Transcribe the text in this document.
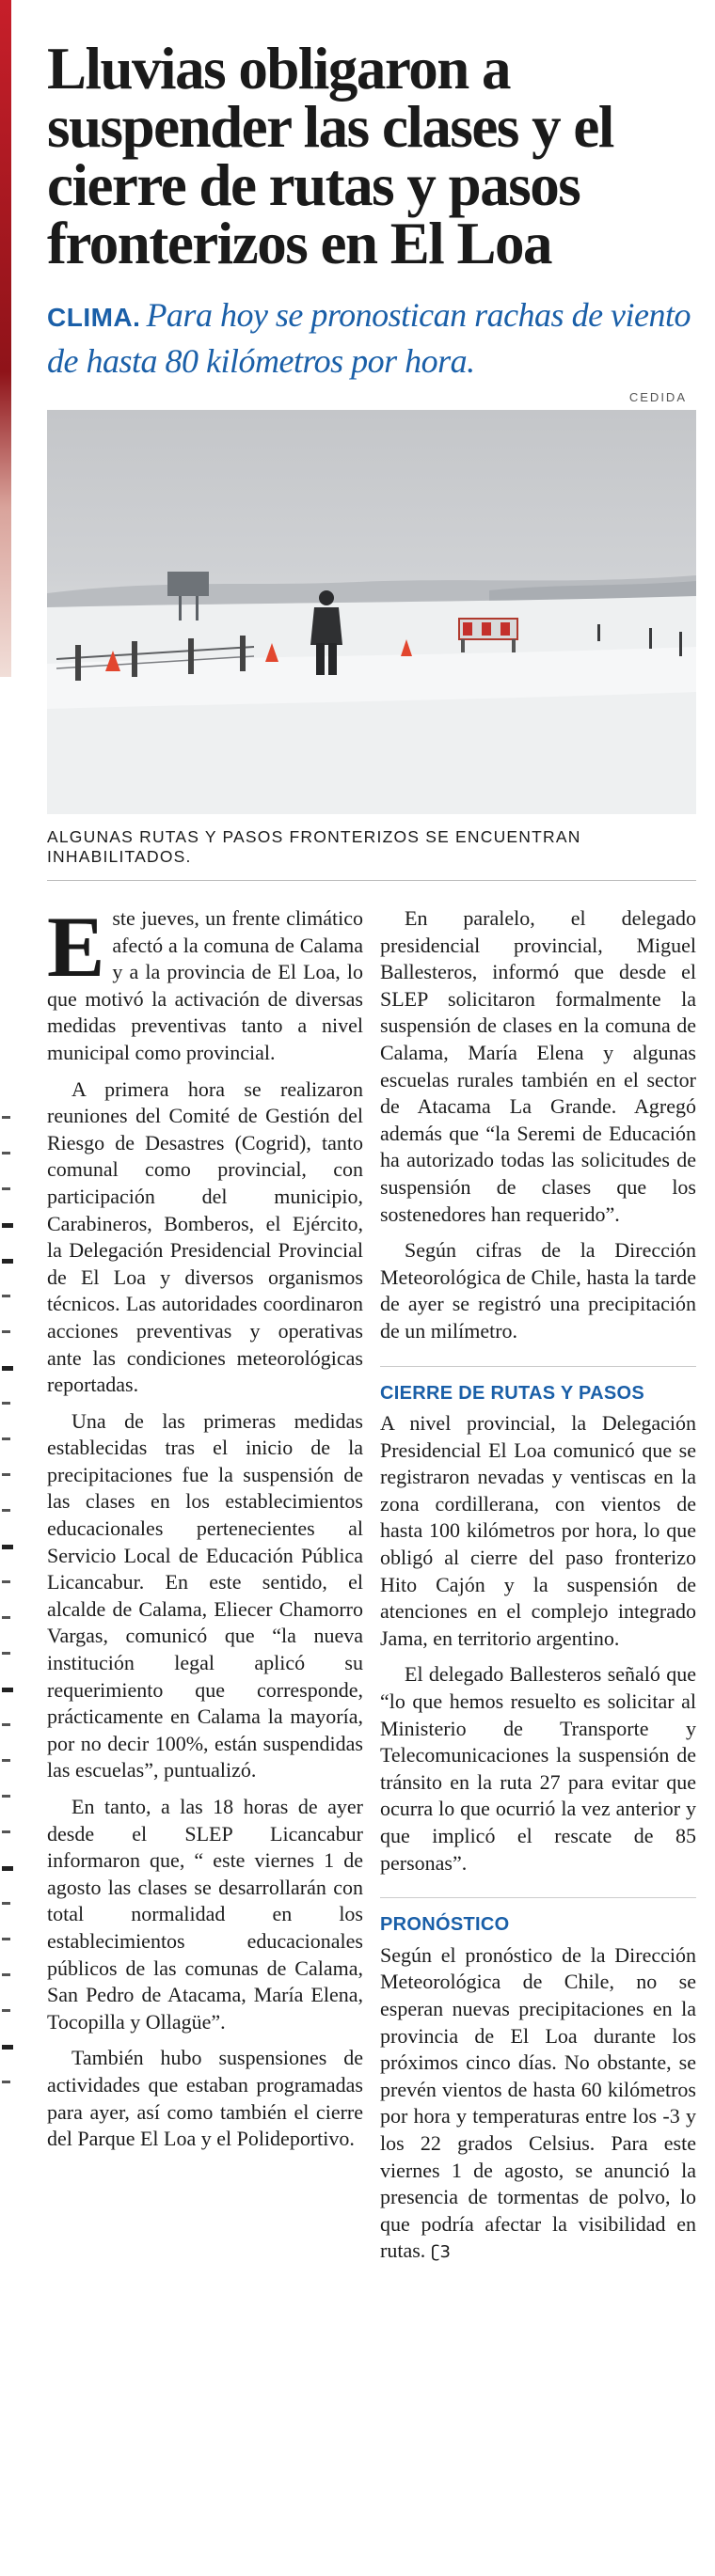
Lluvias obligaron a suspender las clases y el cierre de rutas y pasos fronterizos en El Loa

CLIMA. Para hoy se pronostican rachas de viento de hasta 80 kilómetros por hora.

CEDIDA

ALGUNAS RUTAS Y PASOS FRONTERIZOS SE ENCUENTRAN INHABILITADOS.

Este jueves, un frente climático afectó a la comuna de Calama y a la provincia de El Loa, lo que motivó la activación de diversas medidas preventivas tanto a nivel municipal como provincial.

A primera hora se realizaron reuniones del Comité de Gestión del Riesgo de Desastres (Cogrid), tanto comunal como provincial, con participación del municipio, Carabineros, Bomberos, el Ejército, la Delegación Presidencial Provincial de El Loa y diversos organismos técnicos. Las autoridades coordinaron acciones preventivas y operativas ante las condiciones meteorológicas reportadas.

Una de las primeras medidas establecidas tras el inicio de la precipitaciones fue la suspensión de las clases en los establecimientos educacionales pertenecientes al Servicio Local de Educación Pública Licancabur. En este sentido, el alcalde de Calama, Eliecer Chamorro Vargas, comunicó que “la nueva institución legal aplicó su requerimiento que corresponde, prácticamente en Calama la mayoría, por no decir 100%, están suspendidas las escuelas”, puntualizó.

En tanto, a las 18 horas de ayer desde el SLEP Licancabur informaron que, “ este viernes 1 de agosto las clases se desarrollarán con total normalidad en los establecimientos educacionales públicos de las comunas de Calama, San Pedro de Atacama, María Elena, Tocopilla y Ollagüe”.

También hubo suspensiones de actividades que estaban programadas para ayer, así como también el cierre del Parque El Loa y el Polideportivo.

En paralelo, el delegado presidencial provincial, Miguel Ballesteros, informó que desde el SLEP solicitaron formalmente la suspensión de clases en la comuna de Calama, María Elena y algunas escuelas rurales también en el sector de Atacama La Grande. Agregó además que “la Seremi de Educación ha autorizado todas las solicitudes de suspensión de clases que los sostenedores han requerido”.

Según cifras de la Dirección Meteorológica de Chile, hasta la tarde de ayer se registró una precipitación de un milímetro.

CIERRE DE RUTAS Y PASOS

A nivel provincial, la Delegación Presidencial El Loa comunicó que se registraron nevadas y ventiscas en la zona cordillerana, con vientos de hasta 100 kilómetros por hora, lo que obligó al cierre del paso fronterizo Hito Cajón y la suspensión de atenciones en el complejo integrado Jama, en territorio argentino.

El delegado Ballesteros señaló que “lo que hemos resuelto es solicitar al Ministerio de Transporte y Telecomunicaciones la suspensión de tránsito en la ruta 27 para evitar que ocurra lo que ocurrió la vez anterior y que implicó el rescate de 85 personas”.

PRONÓSTICO

Según el pronóstico de la Dirección Meteorológica de Chile, no se esperan nuevas precipitaciones en la provincia de El Loa durante los próximos cinco días. No obstante, se prevén vientos de hasta 60 kilómetros por hora y temperaturas entre los -3 y los 22 grados Celsius. Para este viernes 1 de agosto, se anunció la presencia de tormentas de polvo, lo que podría afectar la visibilidad en rutas. ʗ3
